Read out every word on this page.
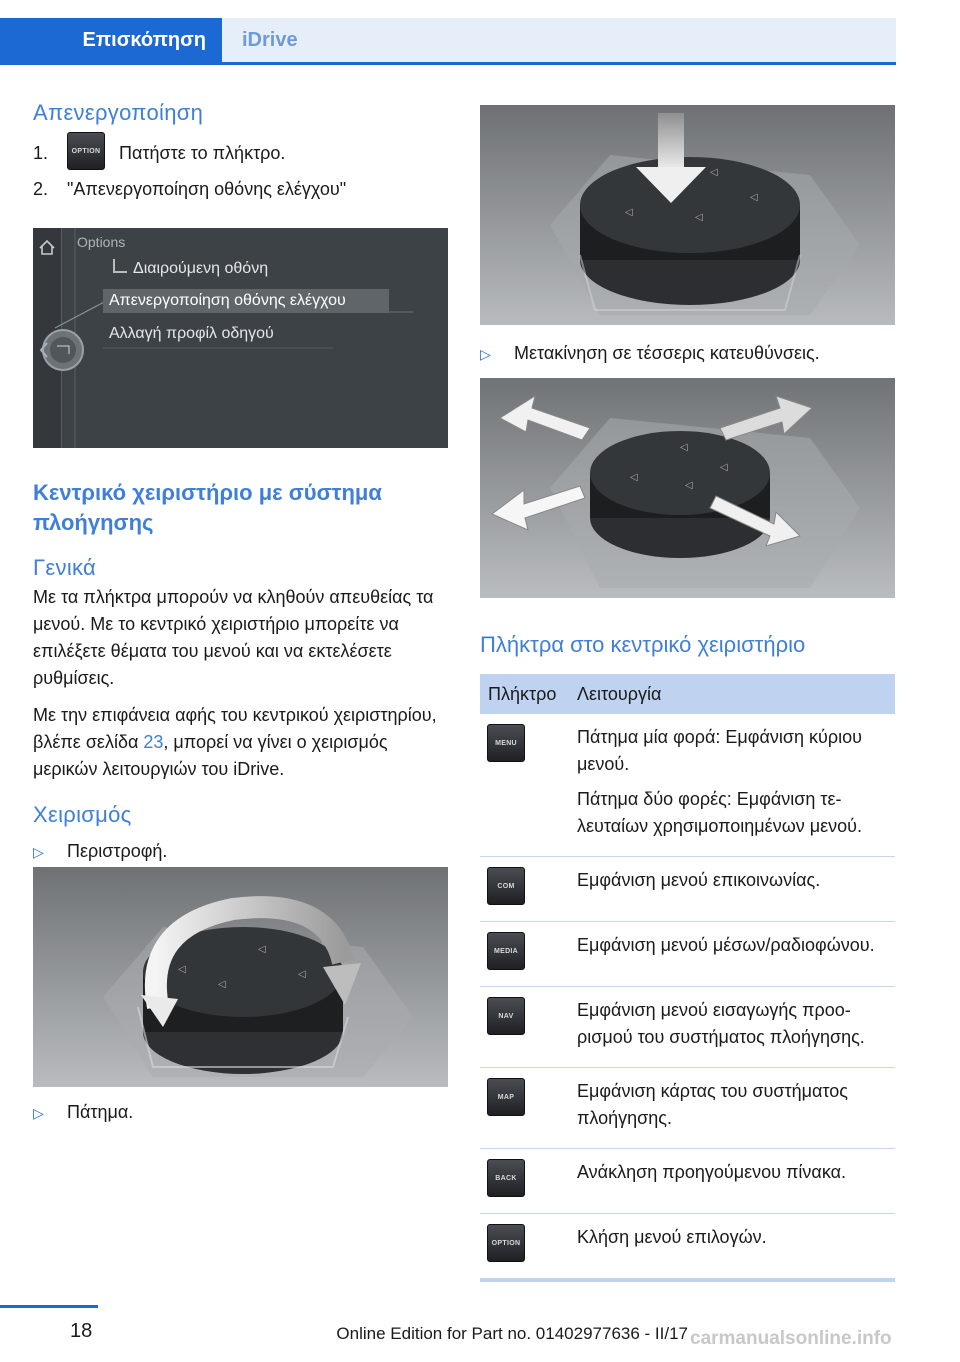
Επισκόπηση	iDrive
Απενεργοποίηση
1.	OPTION Πατήστε το πλήκτρο.
2.	"Απενεργοποίηση οθόνης ελέγχου"
Options
Διαιρούμενη οθόνη
Απενεργοποίηση οθόνης ελέγχου
Αλλαγή προφίλ οδηγού
Κεντρικό χειριστήριο με σύστημα πλοήγησης
Γενικά

Με τα πλήκτρα μπορούν να κληθούν απευθείας τα μενού. Με το κεντρικό χειριστήριο μπορείτε να επιλέξετε θέματα του μενού και να εκτελέσετε ρυθμίσεις.

Με την επιφάνεια αφής του κεντρικού χειριστηρίου, βλέπε σελίδα 23, μπορεί να γίνει ο χειρισμός μερικών λειτουργιών του iDrive.

Χειρισμός
▷	Περιστροφή.
◁
◁
◁
◁
▷	Πάτημα.
◁
◁	◁
◁
▷	Μετακίνηση σε τέσσερις κατευθύνσεις.
◁
◁
◁
◁
Πλήκτρα στο κεντρικό χειριστήριο
Πλήκτρο	Λειτουργία
MENU	Πάτημα μία φορά: Εμφάνιση κύριου μενού.

Πάτημα δύο φορές: Εμφάνιση τελευταίων χρησιμοποιημένων μενού.

COM	Εμφάνιση μενού επικοινωνίας.

MEDIA	Εμφάνιση μενού μέσων/ραδιοφώνου.

NAV	Εμφάνιση μενού εισαγωγής προορισμού του συστήματος πλοήγησης.

MAP	Εμφάνιση κάρτας του συστήματος πλοήγησης.

BACK	Ανάκληση προηγούμενου πίνακα.

OPTION	Κλήση μενού επιλογών.

18	Online Edition for Part no. 01402977636 - II/17 carmanualsonline.info
